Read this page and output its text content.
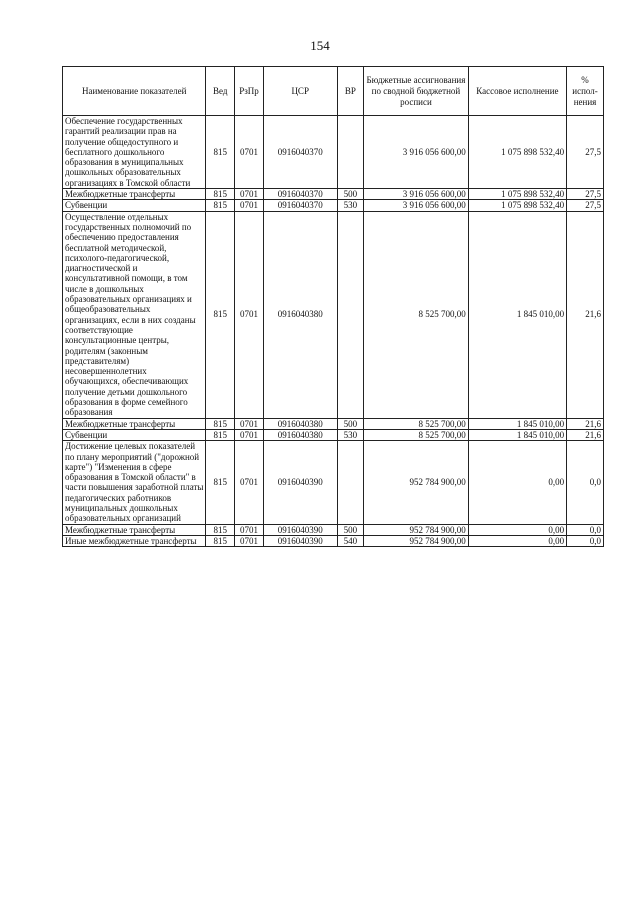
154
Наименование показателей	Вед	РзПр	ЦСР	ВР	Бюджетные ассигнования по сводной бюджетной росписи	Кассовое исполнение	% испол-нения
Обеспечение государственных гарантий реализации прав на получение общедоступного и бесплатного дошкольного образования в муниципальных дошкольных образовательных организациях в Томской области	815	0701	0916040370		3 916 056 600,00	1 075 898 532,40	27,5
Межбюджетные трансферты	815	0701	0916040370	500	3 916 056 600,00	1 075 898 532,40	27,5
Субвенции	815	0701	0916040370	530	3 916 056 600,00	1 075 898 532,40	27,5
Осуществление отдельных государственных полномочий по обеспечению предоставления бесплатной методической, психолого-педагогической, диагностической и консультативной помощи, в том числе в дошкольных образовательных организациях и общеобразовательных организациях, если в них созданы соответствующие консультационные центры, родителям (законным представителям) несовершеннолетних обучающихся, обеспечивающих получение детьми дошкольного образования в форме семейного образования	815	0701	0916040380		8 525 700,00	1 845 010,00	21,6
Межбюджетные трансферты	815	0701	0916040380	500	8 525 700,00	1 845 010,00	21,6
Субвенции	815	0701	0916040380	530	8 525 700,00	1 845 010,00	21,6
Достижение целевых показателей по плану мероприятий ("дорожной карте") "Изменения в сфере образования в Томской области" в части повышения заработной платы педагогических работников муниципальных дошкольных образовательных организаций	815	0701	0916040390		952 784 900,00	0,00	0,0
Межбюджетные трансферты	815	0701	0916040390	500	952 784 900,00	0,00	0,0
Иные межбюджетные трансферты	815	0701	0916040390	540	952 784 900,00	0,00	0,0
